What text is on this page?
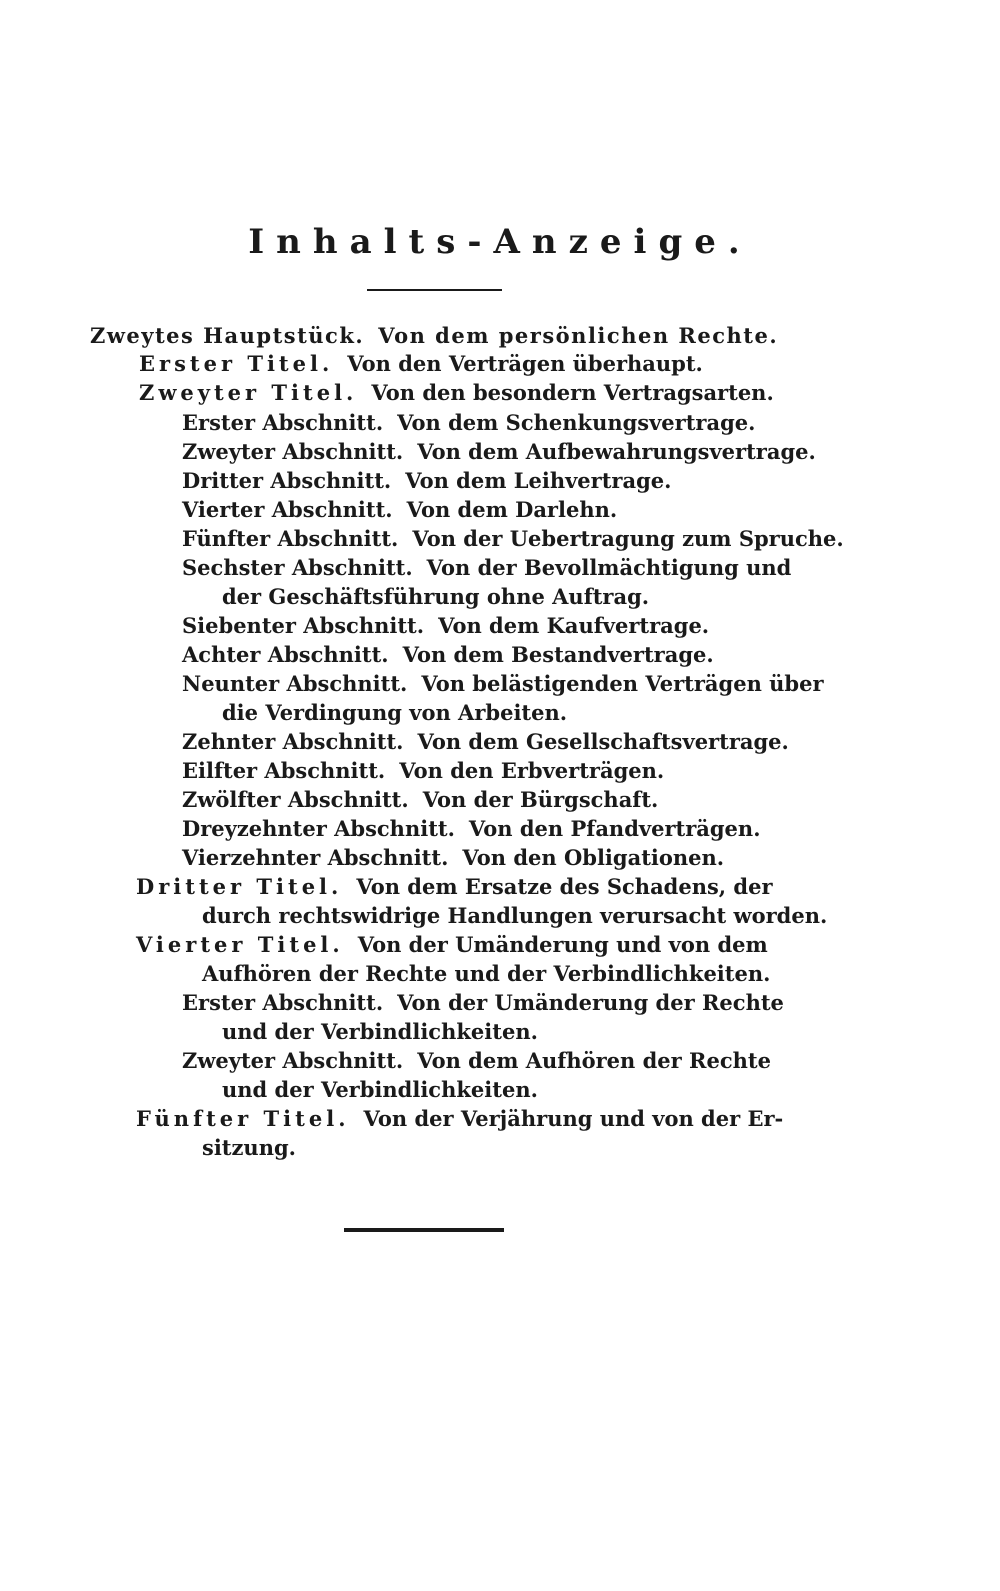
Inhalts-Anzeige.
Zweytes Hauptstück. Von dem persönlichen Rechte.
Erster Titel. Von den Verträgen überhaupt.
Zweyter Titel. Von den besondern Vertragsarten.
Erster Abschnitt. Von dem Schenkungsvertrage.
Zweyter Abschnitt. Von dem Aufbewahrungsvertrage.
Dritter Abschnitt. Von dem Leihvertrage.
Vierter Abschnitt. Von dem Darlehn.
Fünfter Abschnitt. Von der Uebertragung zum Spruche.
Sechster Abschnitt. Von der Bevollmächtigung und
der Geschäftsführung ohne Auftrag.
Siebenter Abschnitt. Von dem Kaufvertrage.
Achter Abschnitt. Von dem Bestandvertrage.
Neunter Abschnitt. Von belästigenden Verträgen über
die Verdingung von Arbeiten.
Zehnter Abschnitt. Von dem Gesellschaftsvertrage.
Eilfter Abschnitt. Von den Erbverträgen.
Zwölfter Abschnitt. Von der Bürgschaft.
Dreyzehnter Abschnitt. Von den Pfandverträgen.
Vierzehnter Abschnitt. Von den Obligationen.
Dritter Titel. Von dem Ersatze des Schadens, der
durch rechtswidrige Handlungen verursacht worden.
Vierter Titel. Von der Umänderung und von dem
Aufhören der Rechte und der Verbindlichkeiten.
Erster Abschnitt. Von der Umänderung der Rechte
und der Verbindlichkeiten.
Zweyter Abschnitt. Von dem Aufhören der Rechte
und der Verbindlichkeiten.
Fünfter Titel. Von der Verjährung und von der Er-
sitzung.
